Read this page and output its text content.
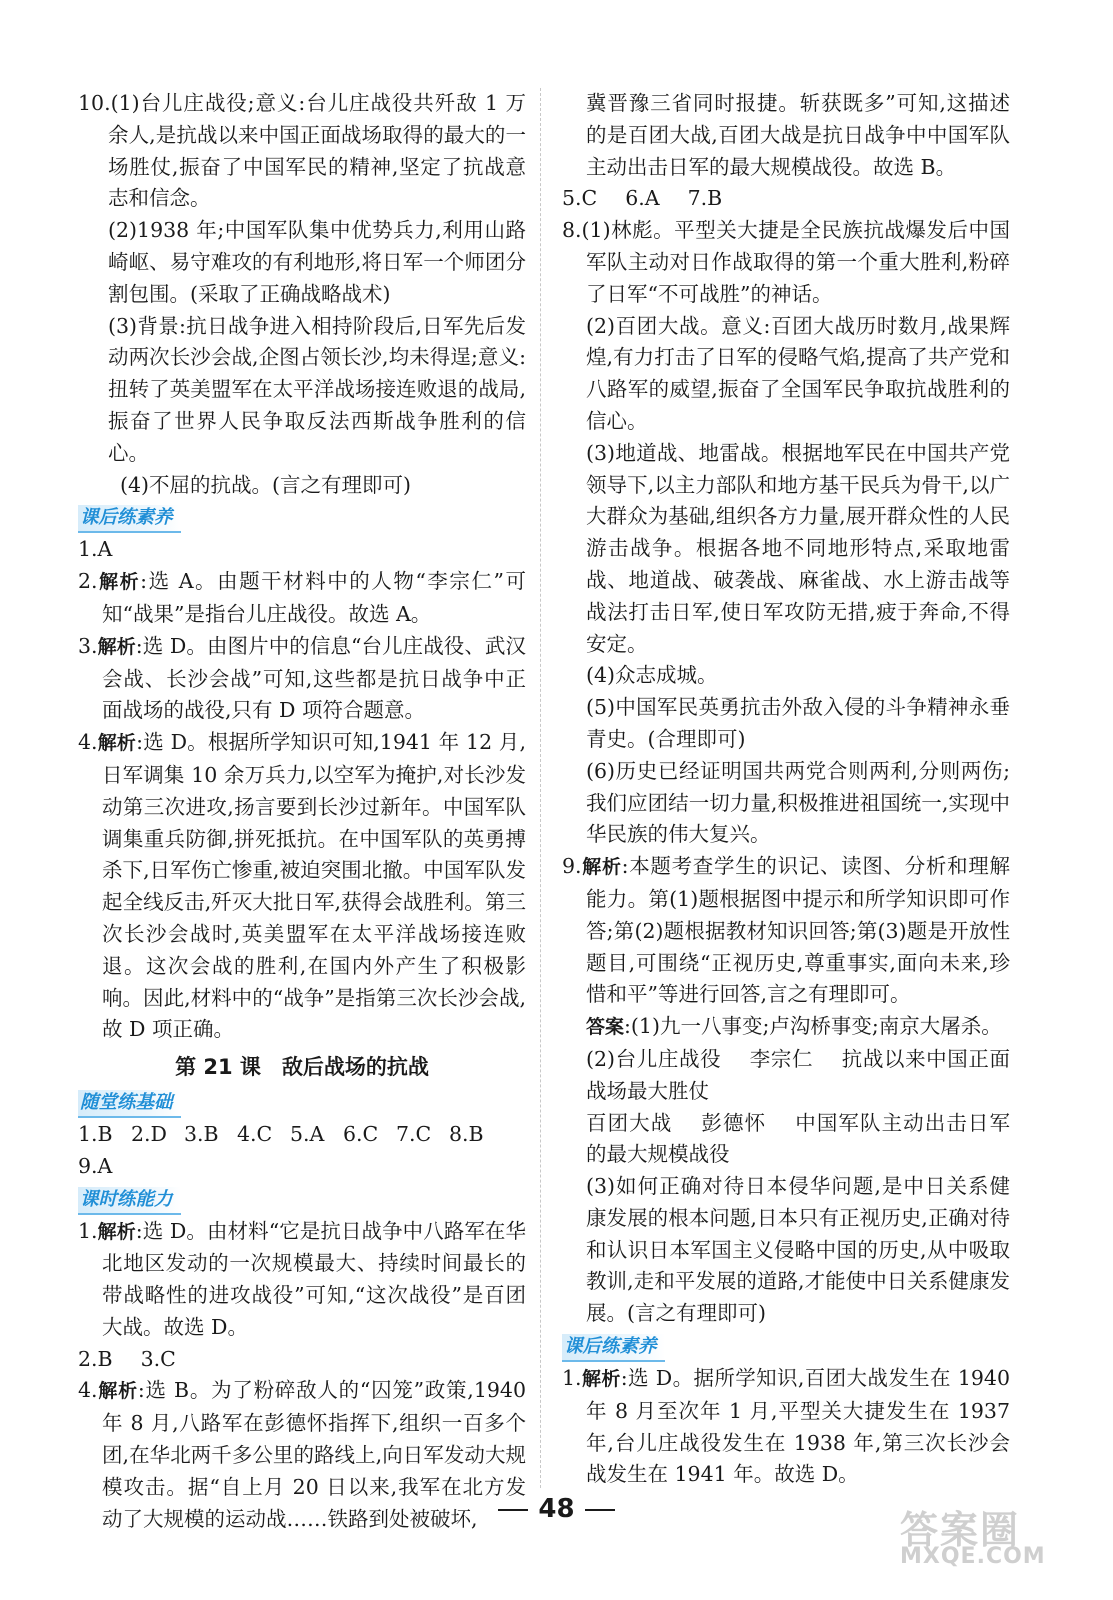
10.(1)台儿庄战役;意义:台儿庄战役共歼敌 1 万余人,是抗战以来中国正面战场取得的最大的一场胜仗,振奋了中国军民的精神,坚定了抗战意志和信念。

(2)1938 年;中国军队集中优势兵力,利用山路崎岖、易守难攻的有利地形,将日军一个师团分割包围。(采取了正确战略战术)

(3)背景:抗日战争进入相持阶段后,日军先后发动两次长沙会战,企图占领长沙,均未得逞;意义:扭转了英美盟军在太平洋战场接连败退的战局,振奋了世界人民争取反法西斯战争胜利的信心。

(4)不屈的抗战。(言之有理即可)

课后练素养

1.A

2.解析:选 A。由题干材料中的人物“李宗仁”可知“战果”是指台儿庄战役。故选 A。

3.解析:选 D。由图片中的信息“台儿庄战役、武汉会战、长沙会战”可知,这些都是抗日战争中正面战场的战役,只有 D 项符合题意。

4.解析:选 D。根据所学知识可知,1941 年 12 月,日军调集 10 余万兵力,以空军为掩护,对长沙发动第三次进攻,扬言要到长沙过新年。中国军队调集重兵防御,拼死抵抗。在中国军队的英勇搏杀下,日军伤亡惨重,被迫突围北撤。中国军队发起全线反击,歼灭大批日军,获得会战胜利。第三次长沙会战时,英美盟军在太平洋战场接连败退。这次会战的胜利,在国内外产生了积极影响。因此,材料中的“战争”是指第三次长沙会战,故 D 项正确。

第 21 课　敌后战场的抗战
随堂练基础

1.B 2.D 3.B 4.C 5.A 6.C 7.C 8.B

9.A

课时练能力

1.解析:选 D。由材料“它是抗日战争中八路军在华北地区发动的一次规模最大、持续时间最长的带战略性的进攻战役”可知,“这次战役”是百团大战。故选 D。

2.B 3.C

4.解析:选 B。为了粉碎敌人的“囚笼”政策,1940 年 8 月,八路军在彭德怀指挥下,组织一百多个团,在华北两千多公里的路线上,向日军发动大规模攻击。据“自上月 20 日以来,我军在北方发动了大规模的运动战……铁路到处被破坏,

冀晋豫三省同时报捷。斩获既多”可知,这描述的是百团大战,百团大战是抗日战争中中国军队主动出击日军的最大规模战役。故选 B。

5.C 6.A 7.B

8.(1)林彪。平型关大捷是全民族抗战爆发后中国军队主动对日作战取得的第一个重大胜利,粉碎了日军“不可战胜”的神话。

(2)百团大战。意义:百团大战历时数月,战果辉煌,有力打击了日军的侵略气焰,提高了共产党和八路军的威望,振奋了全国军民争取抗战胜利的信心。

(3)地道战、地雷战。根据地军民在中国共产党领导下,以主力部队和地方基干民兵为骨干,以广大群众为基础,组织各方力量,展开群众性的人民游击战争。根据各地不同地形特点,采取地雷战、地道战、破袭战、麻雀战、水上游击战等战法打击日军,使日军攻防无措,疲于奔命,不得安定。

(4)众志成城。

(5)中国军民英勇抗击外敌入侵的斗争精神永垂青史。(合理即可)

(6)历史已经证明国共两党合则两利,分则两伤;我们应团结一切力量,积极推进祖国统一,实现中华民族的伟大复兴。

9.解析:本题考查学生的识记、读图、分析和理解能力。第(1)题根据图中提示和所学知识即可作答;第(2)题根据教材知识回答;第(3)题是开放性题目,可围绕“正视历史,尊重事实,面向未来,珍惜和平”等进行回答,言之有理即可。

答案:(1)九一八事变;卢沟桥事变;南京大屠杀。

(2)台儿庄战役 李宗仁 抗战以来中国正面战场最大胜仗

百团大战 彭德怀 中国军队主动出击日军的最大规模战役

(3)如何正确对待日本侵华问题,是中日关系健康发展的根本问题,日本只有正视历史,正确对待和认识日本军国主义侵略中国的历史,从中吸取教训,走和平发展的道路,才能使中日关系健康发展。(言之有理即可)

课后练素养

1.解析:选 D。据所学知识,百团大战发生在 1940 年 8 月至次年 1 月,平型关大捷发生在 1937 年,台儿庄战役发生在 1938 年,第三次长沙会战发生在 1941 年。故选 D。

48	答案圈
MXQE.COM
